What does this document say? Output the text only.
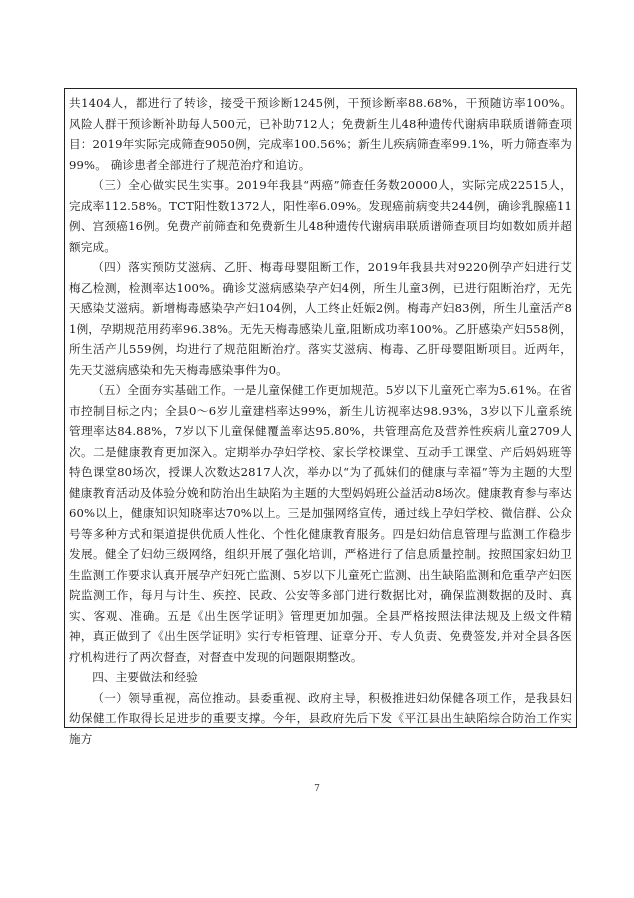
共1404人，都进行了转诊，接受干预诊断1245例，干预诊断率88.68%，干预随访率100%。风险人群干预诊断补助每人500元，已补助712人；免费新生儿48种遗传代谢病串联质谱筛查项目：2019年实际完成筛查9050例，完成率100.56%；新生儿疾病筛查率99.1%，听力筛查率为99%。 确诊患者全部进行了规范治疗和追访。

（三）全心做实民生实事。2019年我县“两癌”筛查任务数20000人，实际完成22515人，完成率112.58%。TCT阳性数1372人，阳性率6.09%。发现癌前病变共244例，确诊乳腺癌11例、宫颈癌16例。免费产前筛查和免费新生儿48种遗传代谢病串联质谱筛查项目均如数如质并超额完成。

（四）落实预防艾滋病、乙肝、梅毒母婴阻断工作，2019年我县共对9220例孕产妇进行艾梅乙检测，检测率达100%。确诊艾滋病感染孕产妇4例，所生儿童3例，已进行阻断治疗，无先天感染艾滋病。新增梅毒感染孕产妇104例，人工终止妊娠2例。梅毒产妇83例，所生儿童活产81例，孕期规范用药率96.38%。无先天梅毒感染儿童,阻断成功率100%。乙肝感染产妇558例，所生活产儿559例，均进行了规范阻断治疗。落实艾滋病、梅毒、乙肝母婴阻断项目。近两年，先天艾滋病感染和先天梅毒感染事件为0。

（五）全面夯实基础工作。一是儿童保健工作更加规范。5岁以下儿童死亡率为5.61%。在省市控制目标之内；全县0～6岁儿童建档率达99%，新生儿访视率达98.93%，3岁以下儿童系统管理率达84.88%，7岁以下儿童保健覆盖率达95.80%，共管理高危及营养性疾病儿童2709人次。二是健康教育更加深入。定期举办孕妇学校、家长学校课堂、互动手工课堂、产后妈妈班等特色课堂80场次，授课人次数达2817人次，举办以“为了孤妹们的健康与幸福”等为主题的大型健康教育活动及体验分娩和防治出生缺陷为主题的大型妈妈班公益活动8场次。健康教育参与率达60%以上，健康知识知晓率达70%以上。三是加强网络宣传，通过线上孕妇学校、微信群、公众号等多种方式和渠道提供优质人性化、个性化健康教育服务。四是妇幼信息管理与监测工作稳步发展。健全了妇幼三级网络，组织开展了强化培训，严格进行了信息质量控制。按照国家妇幼卫生监测工作要求认真开展孕产妇死亡监测、5岁以下儿童死亡监测、出生缺陷监测和危重孕产妇医院监测工作，每月与计生、疾控、民政、公安等多部门进行数据比对，确保监测数据的及时、真实、客观、准确。五是《出生医学证明》管理更加加强。全县严格按照法律法规及上级文件精神，真正做到了《出生医学证明》实行专柜管理、证章分开、专人负责、免费签发,并对全县各医疗机构进行了两次督查，对督查中发现的问题限期整改。

四、主要做法和经验

（一）领导重视，高位推动。县委重视、政府主导，积极推进妇幼保健各项工作，是我县妇幼保健工作取得长足进步的重要支撑。今年，县政府先后下发《平江县出生缺陷综合防治工作实施方

7
